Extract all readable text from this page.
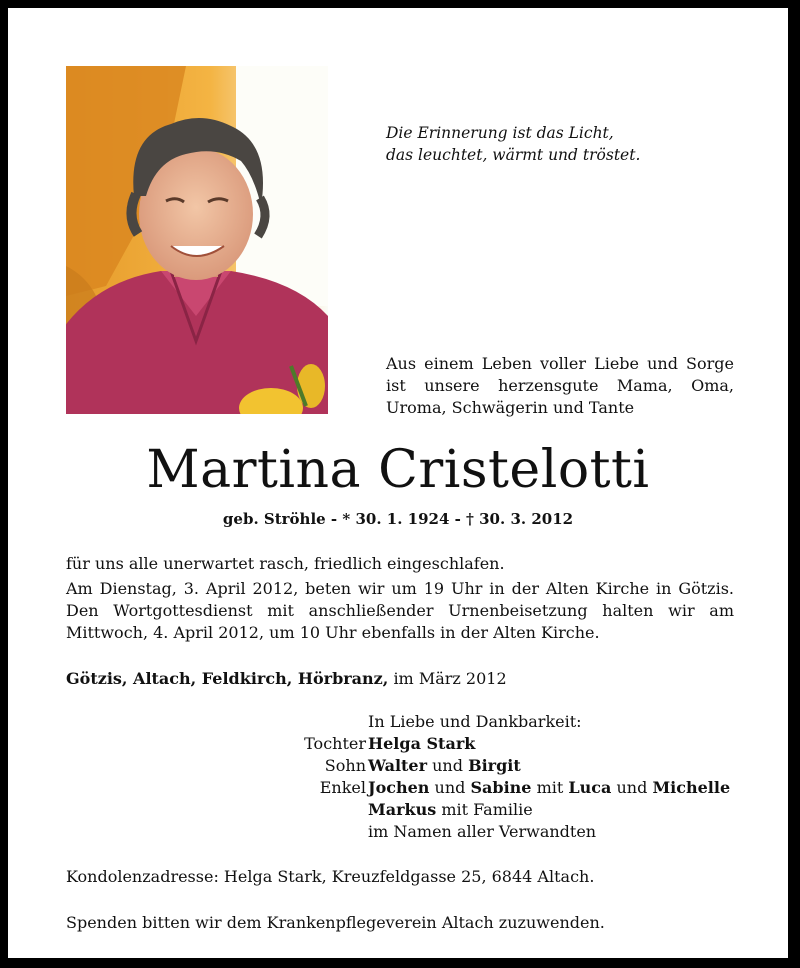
Die Erinnerung ist das Licht,
das leuchtet, wärmt und tröstet.
Aus einem Leben voller Liebe und Sorge
ist unsere herzensgute Mama, Oma,
Uroma, Schwägerin und Tante
Martina Cristelotti
geb. Ströhle - * 30. 1. 1924 - † 30. 3. 2012
für uns alle unerwartet rasch, friedlich eingeschlafen.
Am Dienstag, 3. April 2012, beten wir um 19 Uhr in der Alten Kirche in Götzis.
Den Wortgottesdienst mit anschließender Urnenbeisetzung halten wir am
Mittwoch, 4. April 2012, um 10 Uhr ebenfalls in der Alten Kirche.
Götzis, Altach, Feldkirch, Hörbranz, im März 2012
In Liebe und Dankbarkeit:
Tochter Helga Stark
Sohn Walter und Birgit
Enkel Jochen und Sabine mit Luca und Michelle
Markus mit Familie
im Namen aller Verwandten
Kondolenzadresse: Helga Stark, Kreuzfeldgasse 25, 6844 Altach.
Spenden bitten wir dem Krankenpflegeverein Altach zuzuwenden.
